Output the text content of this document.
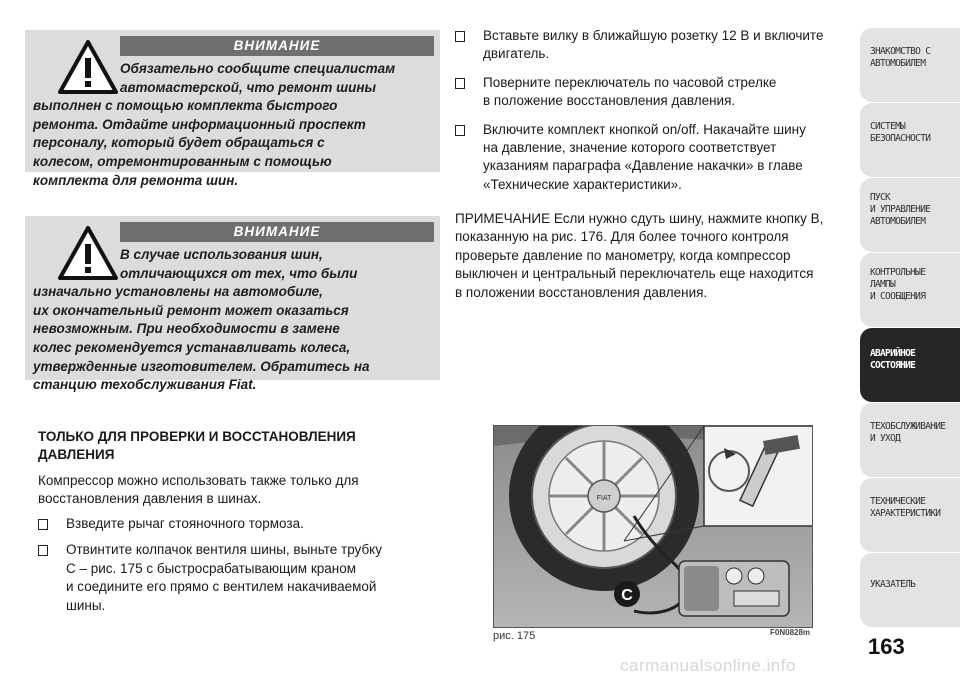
ВНИМАНИЕ
Обязательно сообщите специалистам
автомастерской, что ремонт шины
выполнен с помощью комплекта быстрого
ремонта. Отдайте информационный проспект
персоналу, который будет обращаться с
колесом, отремонтированным с помощью
комплекта для ремонта шин.
ВНИМАНИЕ
В случае использования шин,
отличающихся от тех, что были
изначально установлены на автомобиле,
их окончательный ремонт может оказаться
невозможным. При необходимости в замене
колес рекомендуется устанавливать колеса,
утвержденные изготовителем. Обратитесь на
станцию техобслуживания Fiat.
ТОЛЬКО ДЛЯ ПРОВЕРКИ И ВОССТАНОВЛЕНИЯ
ДАВЛЕНИЯ
Компрессор можно использовать также только для
восстановления давления в шинах.
Взведите рычаг стояночного тормоза.
Отвинтите колпачок вентиля шины, выньте трубку
С – рис. 175 с быстросрабатывающим краном
и соедините его прямо с вентилем накачиваемой
шины.
Вставьте вилку в ближайшую розетку 12 В и включите
двигатель.
Поверните переключатель по часовой стрелке
в положение восстановления давления.
Включите комплект кнопкой on/off. Накачайте шину
на давление, значение которого соответствует
указаниям параграфа «Давление накачки» в главе
«Технические характеристики».
ПРИМЕЧАНИЕ Если нужно сдуть шину, нажмите кнопку В,
показанную на рис. 176. Для более точного контроля
проверьте давление по манометру, когда компрессор
выключен и центральный переключатель еще находится
в положении восстановления давления.
FIAT
C
рис. 175	F0N0828m
163
carmanualsonline.info
ЗНАКОМСТВО С
АВТОМОБИЛЕМ
СИСТЕМЫ
БЕЗОПАСНОСТИ
ПУСК
И УПРАВЛЕНИЕ
АВТОМОБИЛЕМ
КОНТРОЛЬНЫЕ
ЛАМПЫ
И СООБЩЕНИЯ
АВАРИЙНОЕ
СОСТОЯНИЕ
ТЕХОБСЛУЖИВАНИЕ
И УХОД
ТЕХНИЧЕСКИЕ
ХАРАКТЕРИСТИКИ
УКАЗАТЕЛЬ
